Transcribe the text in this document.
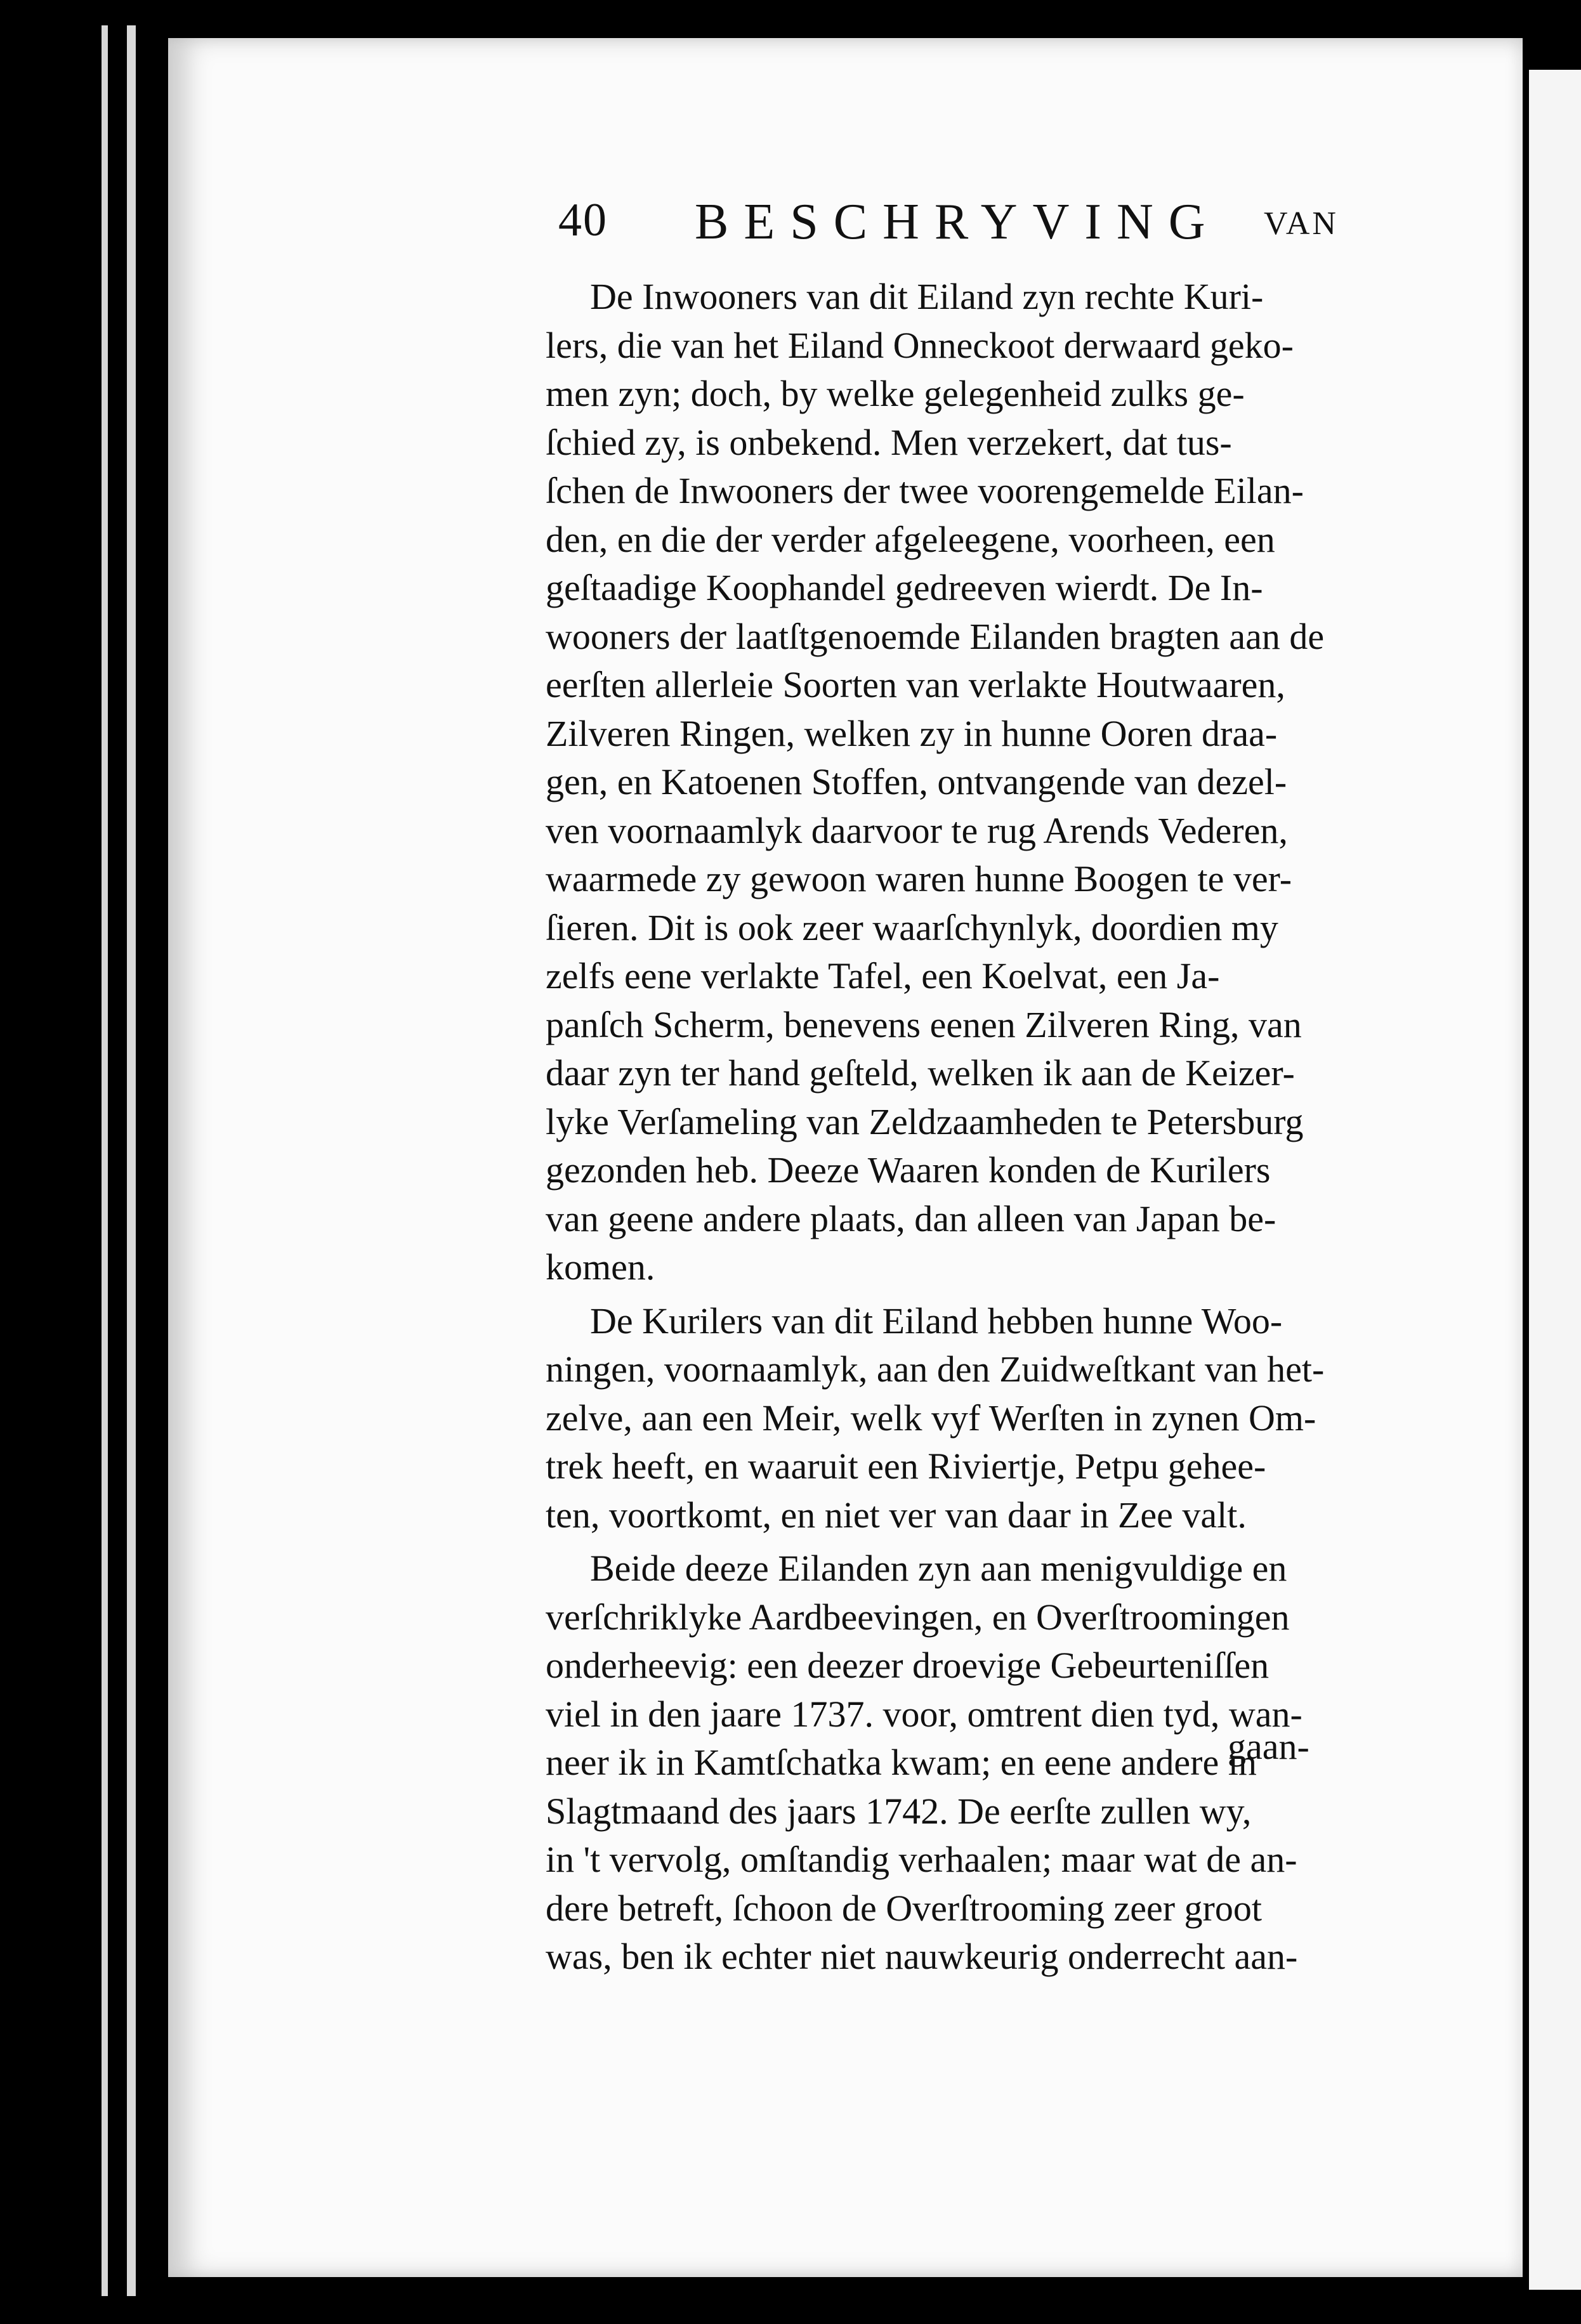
40 BESCHRYVING VAN

De Inwooners van dit Eiland zyn rechte Kuri-
lers, die van het Eiland Onneckoot derwaard geko-
men zyn; doch, by welke gelegenheid zulks ge-
ſchied zy, is onbekend. Men verzekert, dat tus-
ſchen de Inwooners der twee voorengemelde Eilan-
den, en die der verder afgeleegene, voorheen, een
geſtaadige Koophandel gedreeven wierdt. De In-
wooners der laatſtgenoemde Eilanden bragten aan de
eerſten allerleie Soorten van verlakte Houtwaaren,
Zilveren Ringen, welken zy in hunne Ooren draa-
gen, en Katoenen Stoffen, ontvangende van dezel-
ven voornaamlyk daarvoor te rug Arends Vederen,
waarmede zy gewoon waren hunne Boogen te ver-
ſieren. Dit is ook zeer waarſchynlyk, doordien my
zelfs eene verlakte Tafel, een Koelvat, een Ja-
panſch Scherm, benevens eenen Zilveren Ring, van
daar zyn ter hand geſteld, welken ik aan de Keizer-
lyke Verſameling van Zeldzaamheden te Petersburg
gezonden heb. Deeze Waaren konden de Kurilers
van geene andere plaats, dan alleen van Japan be-
komen.

De Kurilers van dit Eiland hebben hunne Woo-
ningen, voornaamlyk, aan den Zuidweſtkant van het-
zelve, aan een Meir, welk vyf Werſten in zynen Om-
trek heeft, en waaruit een Riviertje, Petpu gehee-
ten, voortkomt, en niet ver van daar in Zee valt.

Beide deeze Eilanden zyn aan menigvuldige en
verſchriklyke Aardbeevingen, en Overſtroomingen
onderheevig: een deezer droevige Gebeurteniſſen
viel in den jaare 1737. voor, omtrent dien tyd, wan-
neer ik in Kamtſchatka kwam; en eene andere in
Slagtmaand des jaars 1742. De eerſte zullen wy,
in 't vervolg, omſtandig verhaalen; maar wat de an-
dere betreft, ſchoon de Overſtrooming zeer groot
was, ben ik echter niet nauwkeurig onderrecht aan-

gaan-
